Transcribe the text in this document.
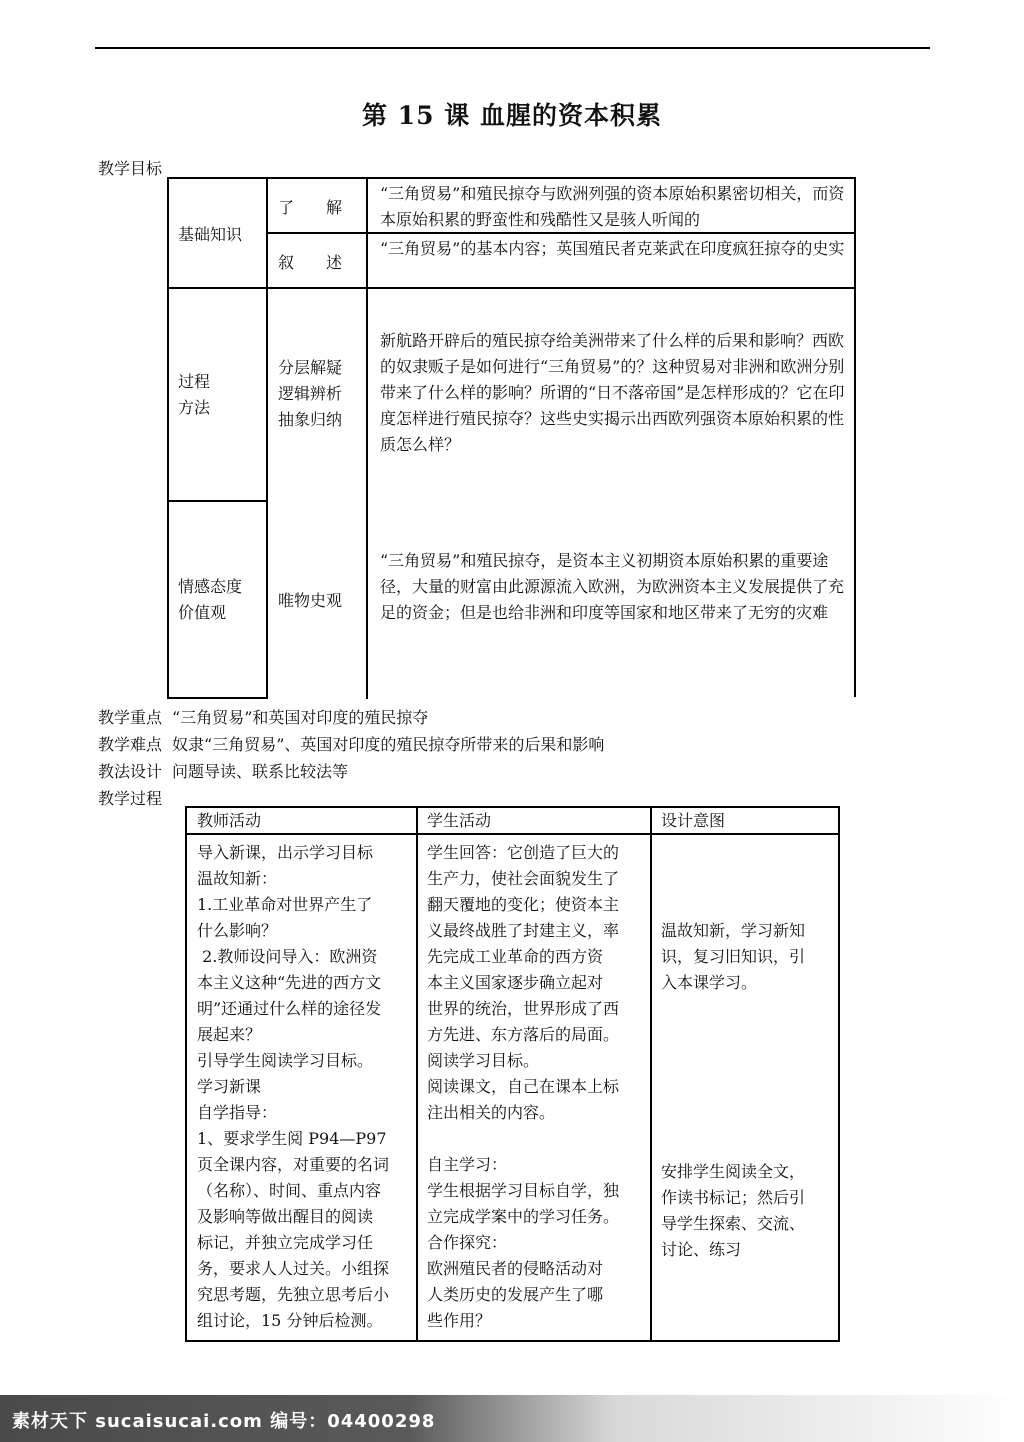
第 15 课 血腥的资本积累
教学目标
基础知识
了　　解
“三角贸易”和殖民掠夺与欧洲列强的资本原始积累密切相关，而资本原始积累的野蛮性和残酷性又是骇人听闻的
叙　　述
“三角贸易”的基本内容；英国殖民者克莱武在印度疯狂掠夺的史实
过程
方法
分层解疑
逻辑辨析
抽象归纳
新航路开辟后的殖民掠夺给美洲带来了什么样的后果和影响？西欧的奴隶贩子是如何进行“三角贸易”的？这种贸易对非洲和欧洲分别带来了什么样的影响？所谓的“日不落帝国”是怎样形成的？它在印度怎样进行殖民掠夺？这些史实揭示出西欧列强资本原始积累的性质怎么样？
情感态度
价值观
唯物史观
“三角贸易”和殖民掠夺，是资本主义初期资本原始积累的重要途径，大量的财富由此源源流入欧洲，为欧洲资本主义发展提供了充足的资金；但是也给非洲和印度等国家和地区带来了无穷的灾难
教学重点 “三角贸易”和英国对印度的殖民掠夺
教学难点 奴隶“三角贸易”、英国对印度的殖民掠夺所带来的后果和影响
教法设计 问题导读、联系比较法等
教学过程
教师活动	学生活动	设计意图
导入新课，出示学习目标
温故知新：
1.工业革命对世界产生了
什么影响？
2.教师设问导入：欧洲资
本主义这种“先进的西方文
明”还通过什么样的途径发
展起来？
引导学生阅读学习目标。
学习新课
自学指导：
1、要求学生阅 P94—P97
页全课内容，对重要的名词
（名称）、时间、重点内容
及影响等做出醒目的阅读
标记，并独立完成学习任
务，要求人人过关。小组探
究思考题，先独立思考后小
组讨论，15 分钟后检测。
学生回答：它创造了巨大的
生产力，使社会面貌发生了
翻天覆地的变化；使资本主
义最终战胜了封建主义，率
先完成工业革命的西方资
本主义国家逐步确立起对
世界的统治，世界形成了西
方先进、东方落后的局面。
阅读学习目标。
阅读课文，自己在课本上标
注出相关的内容。

自主学习：
学生根据学习目标自学，独
立完成学案中的学习任务。
合作探究：
欧洲殖民者的侵略活动对
人类历史的发展产生了哪
些作用？
温故知新，学习新知
识，复习旧知识，引
入本课学习。
安排学生阅读全文，
作读书标记；然后引
导学生探索、交流、
讨论、练习
素材天下 sucaisucai.com 编号：04400298
